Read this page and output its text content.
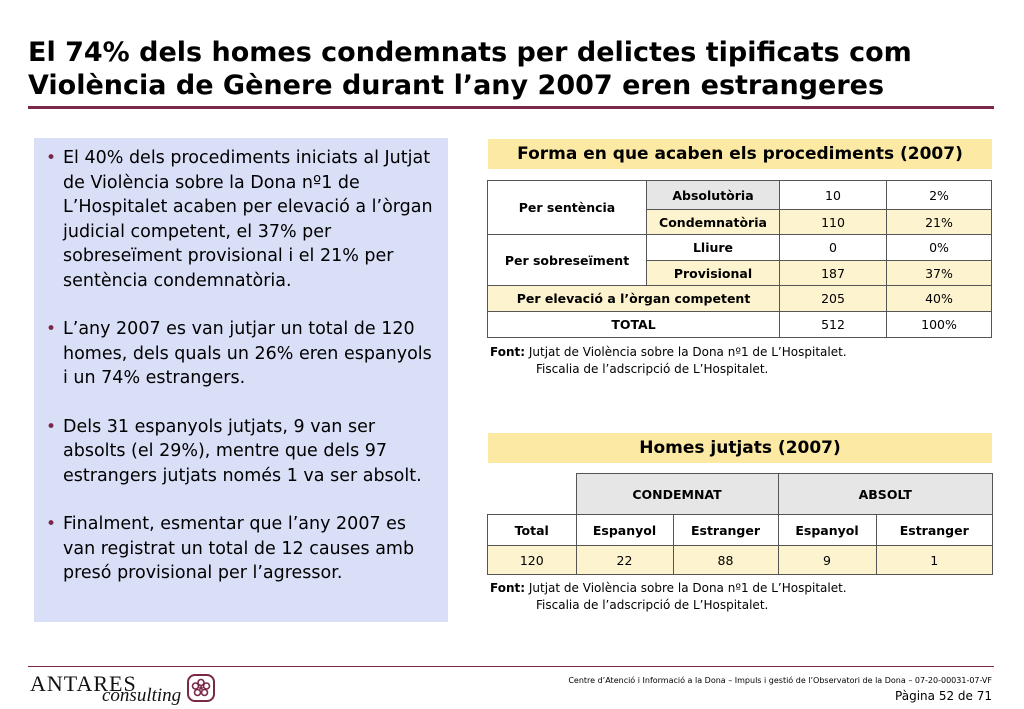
El 74% dels homes condemnats per delictes tipificats com
Violència de Gènere durant l’any 2007 eren estrangeres
• El 40% dels procediments iniciats al Jutjat de Violència sobre la Dona nº1 de L’Hospitalet acaben per elevació a l’òrgan judicial competent, el 37% per sobreseïment provisional i el 21% per sentència condemnatòria.
• L’any 2007 es van jutjar un total de 120 homes, dels quals un 26% eren espanyols i un 74% estrangers.
• Dels 31 espanyols jutjats, 9 van ser absolts (el 29%), mentre que dels 97 estrangers jutjats només 1 va ser absolt.
• Finalment, esmentar que l’any 2007 es van registrat un total de 12 causes amb presó provisional per l’agressor.
Forma en que acaben els procediments (2007)
Per sentència	Absolutòria	10	2%
	Condemnatòria	110	21%
Per sobreseïment	Lliure	0	0%
	Provisional	187	37%
Per elevació a l’òrgan competent		205	40%
TOTAL		512	100%
Font: Jutjat de Violència sobre la Dona nº1 de L’Hospitalet.
Fiscalia de l’adscripció de L’Hospitalet.
Homes jutjats (2007)
	CONDEMNAT		ABSOLT	
Total	Espanyol	Estranger	Espanyol	Estranger
120	22	88	9	1
Font: Jutjat de Violència sobre la Dona nº1 de L’Hospitalet.
Fiscalia de l’adscripció de L’Hospitalet.
ANTARES
consulting
Centre d’Atenció i Informació a la Dona – Impuls i gestió de l’Observatori de la Dona – 07-20-00031-07-VF
Pàgina 52 de 71
